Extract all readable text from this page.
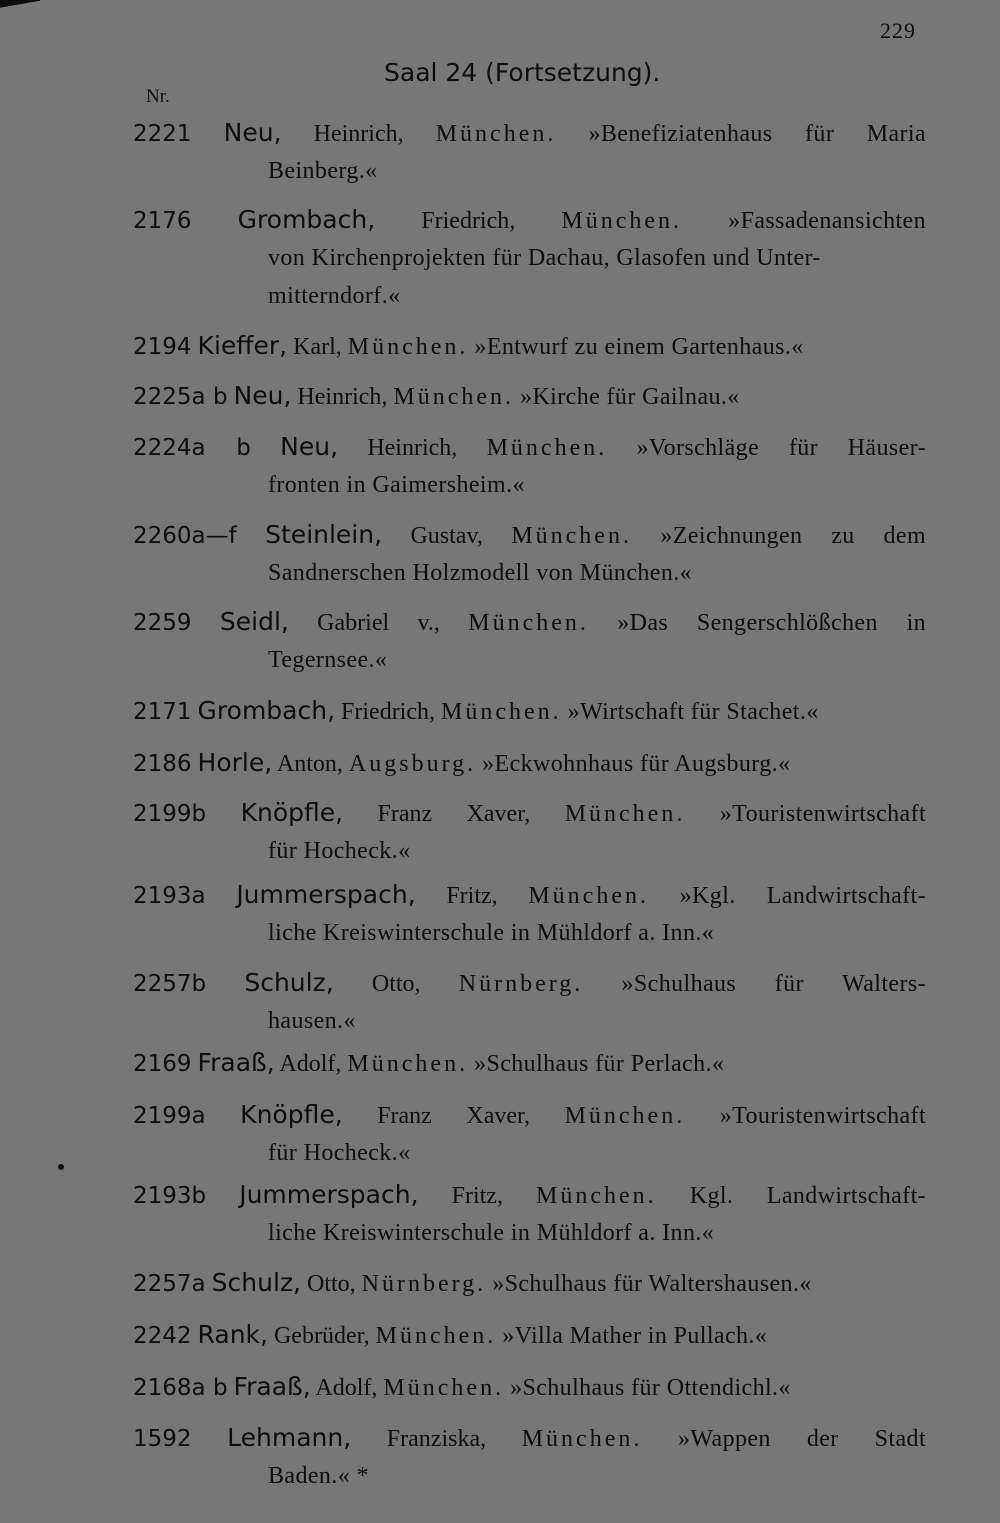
229
Nr.
Saal 24 (Fortsetzung).
2221 Neu, Heinrich, München. »Benefiziatenhaus für Maria
Beinberg.«
2176 Grombach, Friedrich, München. »Fassadenansichten
von Kirchenprojekten für Dachau, Glasofen und Unter-
mitterndorf.«
2194 Kieffer, Karl, München. »Entwurf zu einem Gartenhaus.«
2225a b Neu, Heinrich, München. »Kirche für Gailnau.«
2224a b Neu, Heinrich, München. »Vorschläge für Häuser-
fronten in Gaimersheim.«
2260a—f Steinlein, Gustav, München. »Zeichnungen zu dem
Sandnerschen Holzmodell von München.«
2259 Seidl, Gabriel v., München. »Das Sengerschlößchen in
Tegernsee.«
2171 Grombach, Friedrich, München. »Wirtschaft für Stachet.«
2186 Horle, Anton, Augsburg. »Eckwohnhaus für Augsburg.«
2199b Knöpfle, Franz Xaver, München. »Touristenwirtschaft
für Hocheck.«
2193a Jummerspach, Fritz, München. »Kgl. Landwirtschaft-
liche Kreiswinterschule in Mühldorf a. Inn.«
2257b Schulz, Otto, Nürnberg. »Schulhaus für Walters-
hausen.«
2169 Fraaß, Adolf, München. »Schulhaus für Perlach.«
2199a Knöpfle, Franz Xaver, München. »Touristenwirtschaft
für Hocheck.«
2193b Jummerspach, Fritz, München. Kgl. Landwirtschaft-
liche Kreiswinterschule in Mühldorf a. Inn.«
2257a Schulz, Otto, Nürnberg. »Schulhaus für Waltershausen.«
2242 Rank, Gebrüder, München. »Villa Mather in Pullach.«
2168a b Fraaß, Adolf, München. »Schulhaus für Ottendichl.«
1592 Lehmann, Franziska, München. »Wappen der Stadt
Baden.« *
